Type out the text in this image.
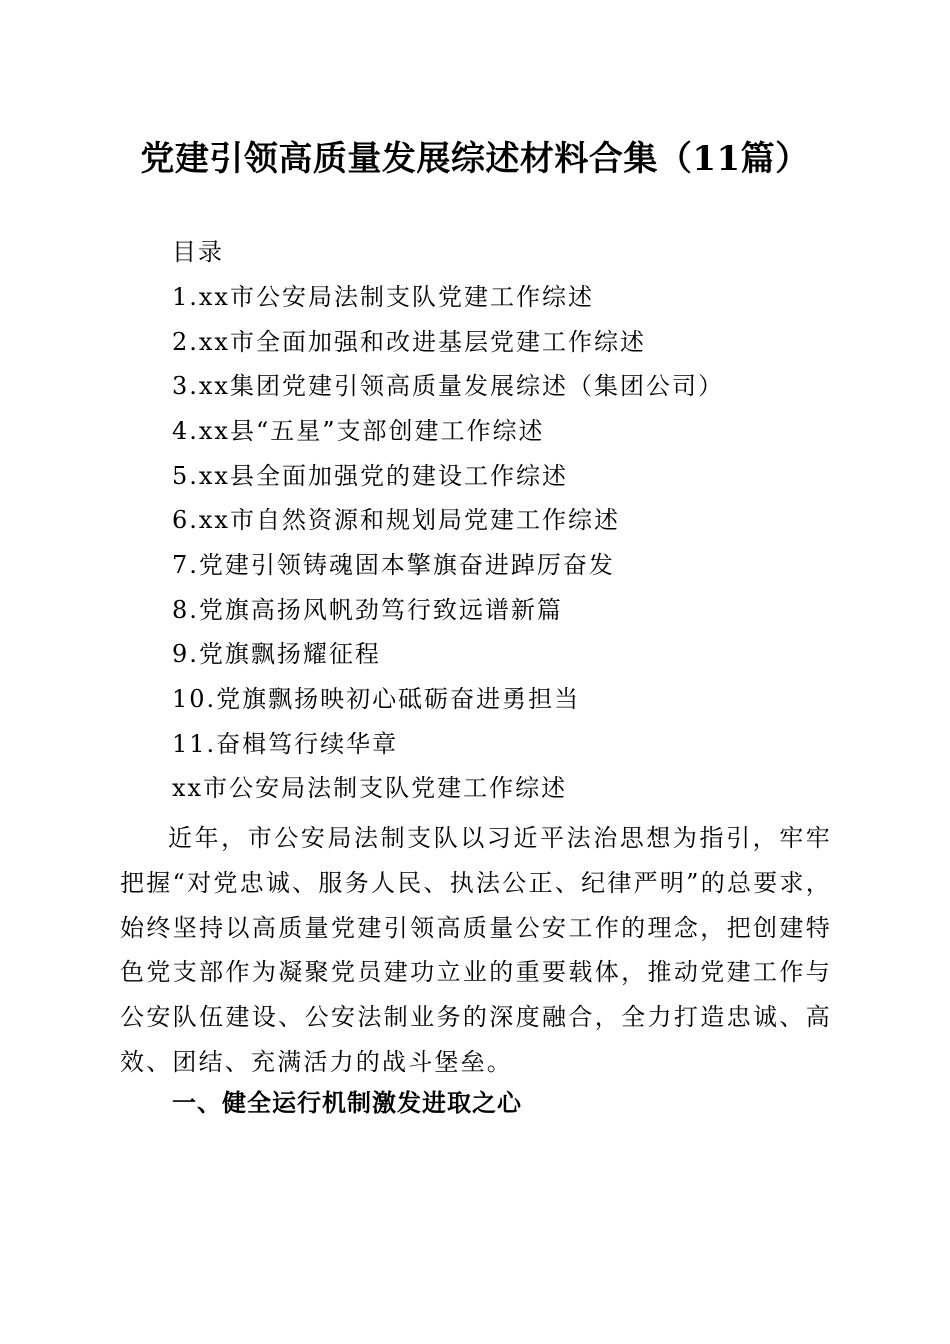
党建引领高质量发展综述材料合集（11篇）
目录
1.xx市公安局法制支队党建工作综述
2.xx市全面加强和改进基层党建工作综述
3.xx集团党建引领高质量发展综述（集团公司）
4.xx县“五星”支部创建工作综述
5.xx县全面加强党的建设工作综述
6.xx市自然资源和规划局党建工作综述
7.党建引领铸魂固本擎旗奋进踔厉奋发
8.党旗高扬风帆劲笃行致远谱新篇
9.党旗飘扬耀征程
10.党旗飘扬映初心砥砺奋进勇担当
11.奋楫笃行续华章
xx市公安局法制支队党建工作综述

近年，市公安局法制支队以习近平法治思想为指引，牢牢把握“对党忠诚、服务人民、执法公正、纪律严明”的总要求，始终坚持以高质量党建引领高质量公安工作的理念，把创建特色党支部作为凝聚党员建功立业的重要载体，推动党建工作与公安队伍建设、公安法制业务的深度融合，全力打造忠诚、高效、团结、充满活力的战斗堡垒。

一、健全运行机制激发进取之心
